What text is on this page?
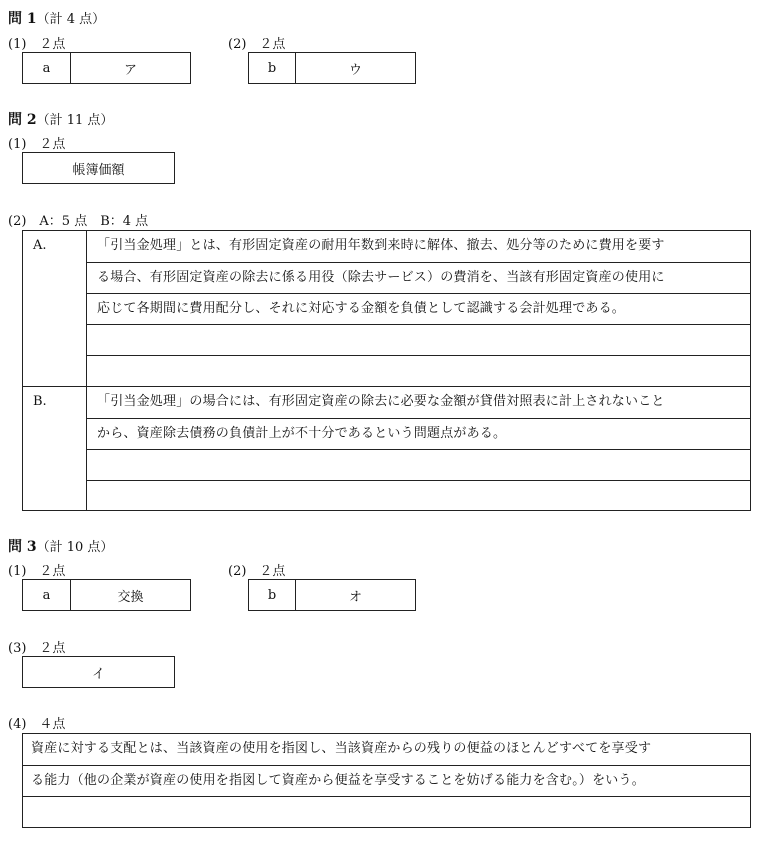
問 1（計 4 点）
(1)　２点	(2)　２点
a	ア	b	ウ
問 2（計 11 点）
(1)　２点
帳簿価額
(2)　A：5 点　B：4 点
A.	「引当金処理」とは、有形固定資産の耐用年数到来時に解体、撤去、処分等のために費用を要す
る場合、有形固定資産の除去に係る用役（除去サービス）の費消を、当該有形固定資産の使用に
応じて各期間に費用配分し、それに対応する金額を負債として認識する会計処理である。
B.	「引当金処理」の場合には、有形固定資産の除去に必要な金額が貸借対照表に計上されないこと
から、資産除去債務の負債計上が不十分であるという問題点がある。
問 3（計 10 点）
(1)　２点	(2)　２点
a	交換	b	オ
(3)　２点
イ
(4)　４点
資産に対する支配とは、当該資産の使用を指図し、当該資産からの残りの便益のほとんどすべてを享受す
る能力（他の企業が資産の使用を指図して資産から便益を享受することを妨げる能力を含む。）をいう。
